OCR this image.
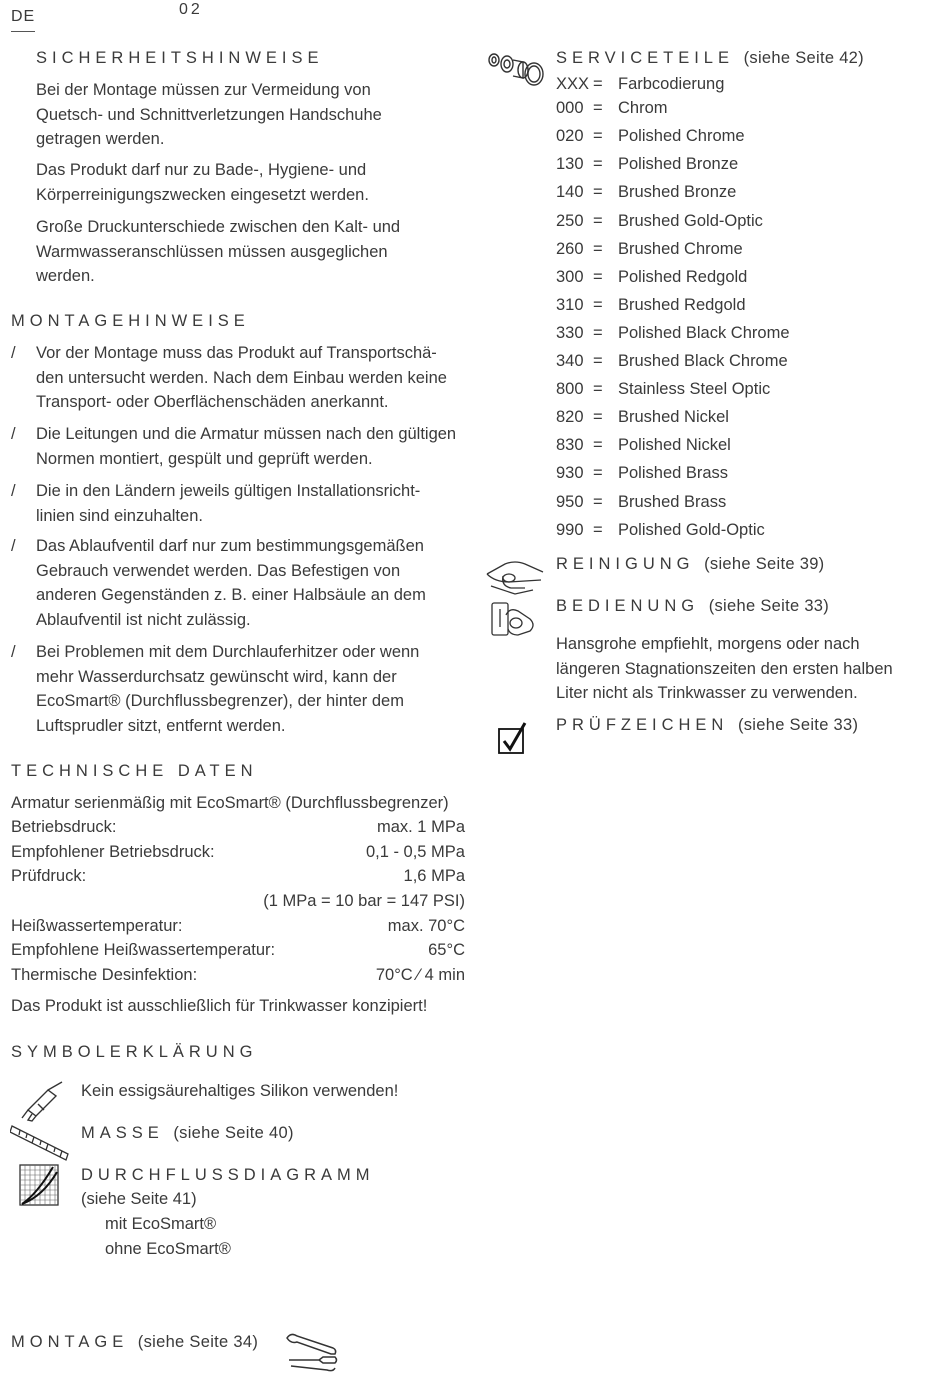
DE	02
SICHERHEITSHINWEISE

Bei der Montage müssen zur Vermeidung von Quetsch- und Schnittverletzungen Handschuhe getragen werden.

Das Produkt darf nur zu Bade-, Hygiene- und Körperreinigungszwecken eingesetzt werden.

Große Druckunterschiede zwischen den Kalt- und Warmwasseranschlüssen müssen ausgeglichen werden.

MONTAGEHINWEISE
/ Vor der Montage muss das Produkt auf Transportschä- den untersucht werden. Nach dem Einbau werden keine Transport- oder Oberflächenschäden anerkannt.
/ Die Leitungen und die Armatur müssen nach den gültigen Normen montiert, gespült und geprüft werden.
/ Die in den Ländern jeweils gültigen Installationsricht- linien sind einzuhalten.
/ Das Ablaufventil darf nur zum bestimmungsgemäßen Gebrauch verwendet werden. Das Befestigen von anderen Gegenständen z. B. einer Halbsäule an dem Ablaufventil ist nicht zulässig.
/ Bei Problemen mit dem Durchlauferhitzer oder wenn mehr Wasserdurchsatz gewünscht wird, kann der EcoSmart® (Durchflussbegrenzer), der hinter dem Luftsprudler sitzt, entfernt werden.
TECHNISCHE DATEN
Armatur serienmäßig mit EcoSmart® (Durchflussbegrenzer)
Betriebsdruck:	max. 1 MPa
Empfohlener Betriebsdruck:	0,1 - 0,5 MPa
Prüfdruck:	1,6 MPa
(1 MPa = 10 bar = 147 PSI)
Heißwassertemperatur:	max. 70°C
Empfohlene Heißwassertemperatur:	65°C
Thermische Desinfektion:	70°C ⁄ 4 min
Das Produkt ist ausschließlich für Trinkwasser konzipiert!
SYMBOLERKLÄRUNG
Kein essigsäurehaltiges Silikon verwenden!
MASSE (siehe Seite 40)
DURCHFLUSSDIAGRAMM
(siehe Seite 41)
mit EcoSmart®
ohne EcoSmart®
MONTAGE (siehe Seite 34)
SERVICETEILE (siehe Seite 42)
XXX = Farbcodierung
000 = Chrom
020 = Polished Chrome
130 = Polished Bronze
140 = Brushed Bronze
250 = Brushed Gold-Optic
260 = Brushed Chrome
300 = Polished Redgold
310 = Brushed Redgold
330 = Polished Black Chrome
340 = Brushed Black Chrome
800 = Stainless Steel Optic
820 = Brushed Nickel
830 = Polished Nickel
930 = Polished Brass
950 = Brushed Brass
990 = Polished Gold-Optic
REINIGUNG (siehe Seite 39)
BEDIENUNG (siehe Seite 33)

Hansgrohe empfiehlt, morgens oder nach längeren Stagnationszeiten den ersten halben Liter nicht als Trinkwasser zu verwenden.

PRÜFZEICHEN (siehe Seite 33)
